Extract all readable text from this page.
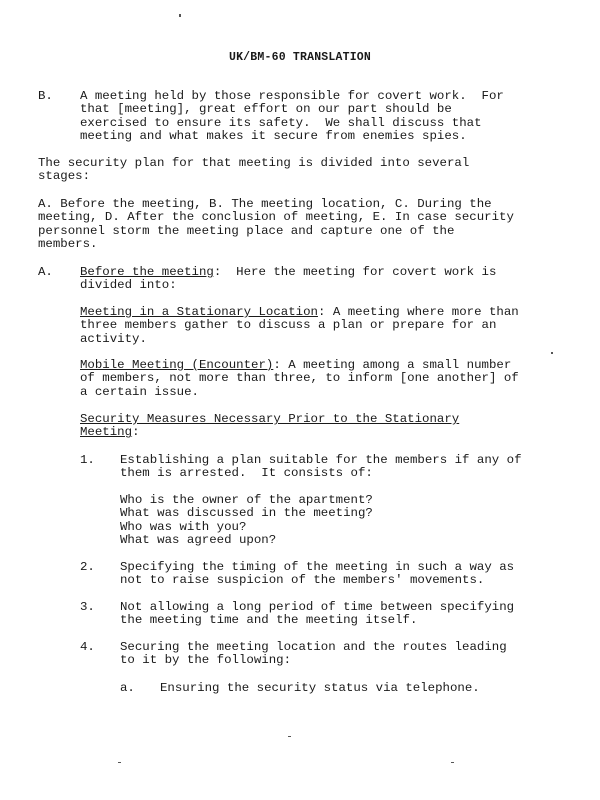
UK/BM-60 TRANSLATION
B. A meeting held by those responsible for covert work.  For
that [meeting], great effort on our part should be
exercised to ensure its safety.  We shall discuss that
meeting and what makes it secure from enemies spies.
The security plan for that meeting is divided into several
stages:
A. Before the meeting, B. The meeting location, C. During the
meeting, D. After the conclusion of meeting, E. In case security
personnel storm the meeting place and capture one of the
members.
A. Before the meeting:  Here the meeting for covert work is
divided into:
Meeting in a Stationary Location: A meeting where more than
three members gather to discuss a plan or prepare for an
activity.
Mobile Meeting (Encounter): A meeting among a small number
of members, not more than three, to inform [one another] of
a certain issue.
Security Measures Necessary Prior to the Stationary
Meeting:
1. Establishing a plan suitable for the members if any of
them is arrested.  It consists of:
Who is the owner of the apartment?
What was discussed in the meeting?
Who was with you?
What was agreed upon?
2. Specifying the timing of the meeting in such a way as
not to raise suspicion of the members' movements.
3. Not allowing a long period of time between specifying
the meeting time and the meeting itself.
4. Securing the meeting location and the routes leading
to it by the following:
a. Ensuring the security status via telephone.
